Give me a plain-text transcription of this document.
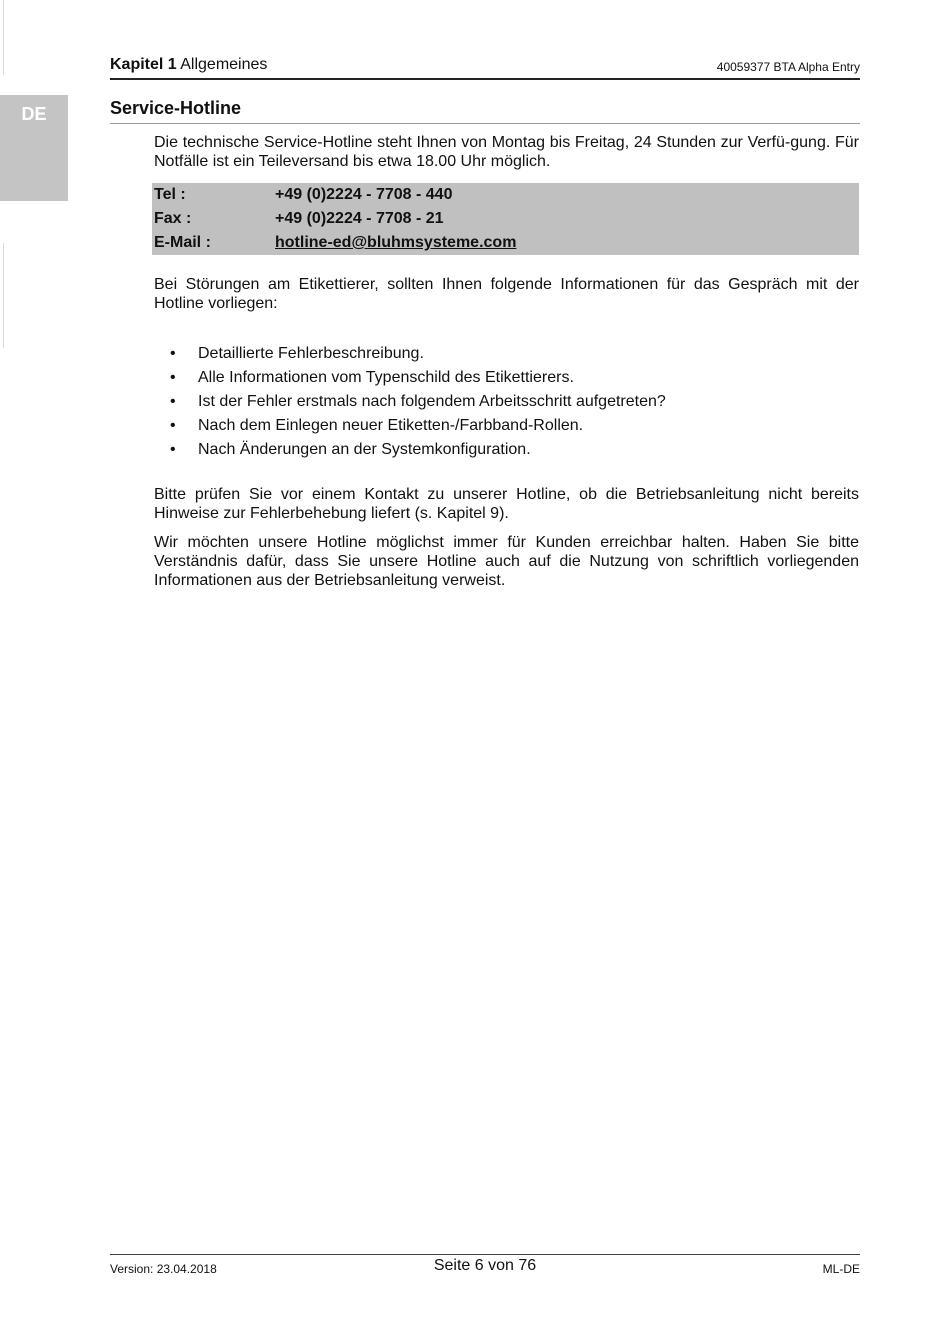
DE
Kapitel 1 Allgemeines	40059377 BTA Alpha Entry
Service-Hotline

Die technische Service-Hotline steht Ihnen von Montag bis Freitag, 24 Stunden zur Verfü-gung. Für Notfälle ist ein Teileversand bis etwa 18.00 Uhr möglich.

Tel :	+49 (0)2224 - 7708 - 440
Fax :	+49 (0)2224 - 7708 - 21
E-Mail :	hotline-ed@bluhmsysteme.com

Bei Störungen am Etikettierer, sollten Ihnen folgende Informationen für das Gespräch mit der Hotline vorliegen:

• Detaillierte Fehlerbeschreibung.
• Alle Informationen vom Typenschild des Etikettierers.
• Ist der Fehler erstmals nach folgendem Arbeitsschritt aufgetreten?
• Nach dem Einlegen neuer Etiketten-/Farbband-Rollen.
• Nach Änderungen an der Systemkonfiguration.

Bitte prüfen Sie vor einem Kontakt zu unserer Hotline, ob die Betriebsanleitung nicht bereits Hinweise zur Fehlerbehebung liefert (s. Kapitel 9).

Wir möchten unsere Hotline möglichst immer für Kunden erreichbar halten. Haben Sie bitte Verständnis dafür, dass Sie unsere Hotline auch auf die Nutzung von schriftlich vorliegenden Informationen aus der Betriebsanleitung verweist.

Version: 23.04.2018	Seite 6 von 76	ML-DE
